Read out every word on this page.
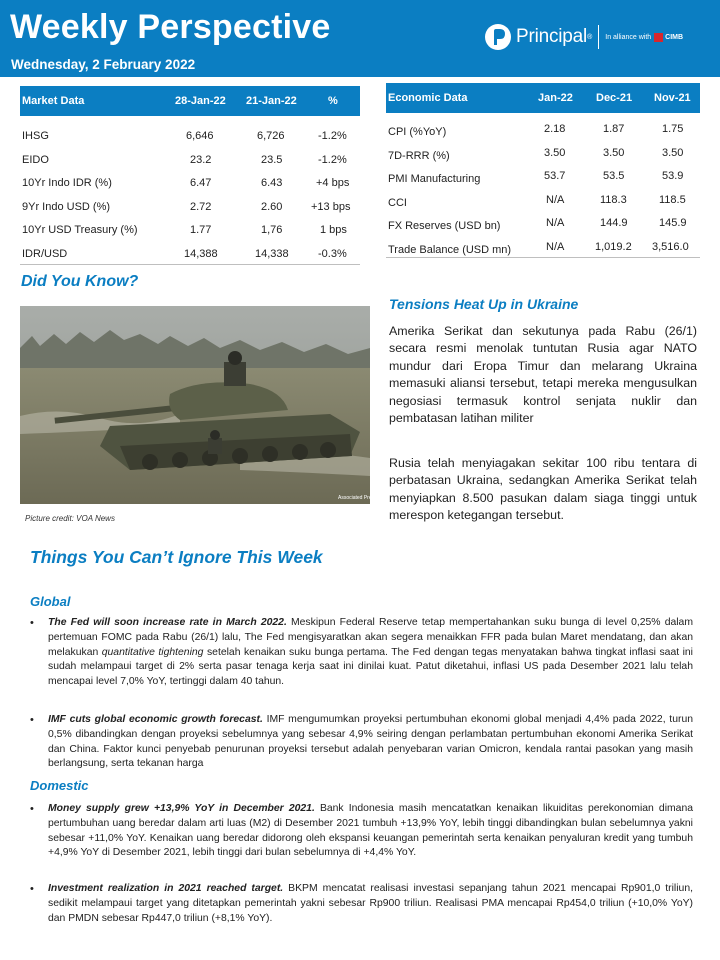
Weekly Perspective
Wednesday, 2 February 2022
Principal ® In alliance with CIMB
Market Data	28-Jan-22 21-Jan-22	%
IHSG	6,646	6,726	-1.2%
EIDO	23.2	23.5	-1.2%
10Yr Indo IDR (%)	6.47	6.43	+4 bps
9Yr Indo USD (%)	2.72	2.60	+13 bps
10Yr USD Treasury (%)	1.77	1,76	1 bps
IDR/USD	14,388	14,338	-0.3%
Economic Data	Jan-22 Dec-21 Nov-21
CPI (%YoY)	2.18	1.87	1.75
7D-RRR (%)	3.50	3.50	3.50
PMI Manufacturing	53.7	53.5	53.9
CCI	N/A	118.3	118.5
FX Reserves (USD bn)	N/A	144.9	145.9
Trade Balance (USD mn)	N/A	1,019.2 3,516.0
Did You Know?
Associated Press
Picture credit: VOA News
Tensions Heat Up in Ukraine
Amerika Serikat dan sekutunya pada Rabu (26/1) secara resmi menolak tuntutan Rusia agar NATO mundur dari Eropa Timur dan melarang Ukraina memasuki aliansi tersebut, tetapi mereka mengusulkan negosiasi termasuk kontrol senjata nuklir dan pembatasan latihan militer
Rusia telah menyiagakan sekitar 100 ribu tentara di perbatasan Ukraina, sedangkan Amerika Serikat telah menyiapkan 8.500 pasukan dalam siaga tinggi untuk merespon ketegangan tersebut.
Things You Can’t Ignore This Week
Global
• The Fed will soon increase rate in March 2022. Meskipun Federal Reserve tetap mempertahankan suku bunga di level 0,25% dalam pertemuan FOMC pada Rabu (26/1) lalu, The Fed mengisyaratkan akan segera menaikkan FFR pada bulan Maret mendatang, dan akan melakukan quantitative tightening setelah kenaikan suku bunga pertama. The Fed dengan tegas menyatakan bahwa tingkat inflasi saat ini sudah melampaui target di 2% serta pasar tenaga kerja saat ini dinilai kuat. Patut diketahui, inflasi US pada Desember 2021 lalu telah mencapai level 7,0% YoY, tertinggi dalam 40 tahun.
• IMF cuts global economic growth forecast. IMF mengumumkan proyeksi pertumbuhan ekonomi global menjadi 4,4% pada 2022, turun 0,5% dibandingkan dengan proyeksi sebelumnya yang sebesar 4,9% seiring dengan perlambatan pertumbuhan ekonomi Amerika Serikat dan China. Faktor kunci penyebab penurunan proyeksi tersebut adalah penyebaran varian Omicron, kendala rantai pasokan yang masih berlangsung, serta tekanan harga
Domestic
• Money supply grew +13,9% YoY in December 2021. Bank Indonesia masih mencatatkan kenaikan likuiditas perekonomian dimana pertumbuhan uang beredar dalam arti luas (M2) di Desember 2021 tumbuh +13,9% YoY, lebih tinggi dibandingkan bulan sebelumnya yakni sebesar +11,0% YoY. Kenaikan uang beredar didorong oleh ekspansi keuangan pemerintah serta kenaikan penyaluran kredit yang tumbuh +4,9% YoY di Desember 2021, lebih tinggi dari bulan sebelumnya di +4,4% YoY.
• Investment realization in 2021 reached target. BKPM mencatat realisasi investasi sepanjang tahun 2021 mencapai Rp901,0 triliun, sedikit melampaui target yang ditetapkan pemerintah yakni sebesar Rp900 triliun. Realisasi PMA mencapai Rp454,0 triliun (+10,0% YoY) dan PMDN sebesar Rp447,0 triliun (+8,1% YoY).
